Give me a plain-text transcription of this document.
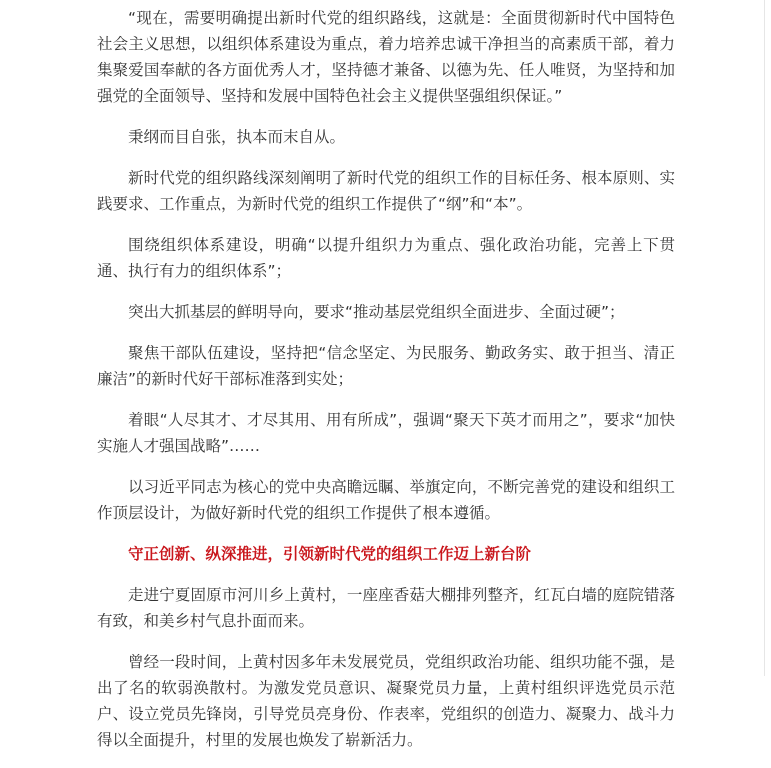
“现在，需要明确提出新时代党的组织路线，这就是：全面贯彻新时代中国特色社会主义思想，以组织体系建设为重点，着力培养忠诚干净担当的高素质干部，着力集聚爱国奉献的各方面优秀人才，坚持德才兼备、以德为先、任人唯贤，为坚持和加强党的全面领导、坚持和发展中国特色社会主义提供坚强组织保证。”

秉纲而目自张，执本而末自从。

新时代党的组织路线深刻阐明了新时代党的组织工作的目标任务、根本原则、实践要求、工作重点，为新时代党的组织工作提供了“纲”和“本”。

围绕组织体系建设，明确“以提升组织力为重点、强化政治功能，完善上下贯通、执行有力的组织体系”；

突出大抓基层的鲜明导向，要求“推动基层党组织全面进步、全面过硬”；

聚焦干部队伍建设，坚持把“信念坚定、为民服务、勤政务实、敢于担当、清正廉洁”的新时代好干部标准落到实处；

着眼“人尽其才、才尽其用、用有所成”，强调“聚天下英才而用之”，要求“加快实施人才强国战略”……

以习近平同志为核心的党中央高瞻远瞩、举旗定向，不断完善党的建设和组织工作顶层设计，为做好新时代党的组织工作提供了根本遵循。

守正创新、纵深推进，引领新时代党的组织工作迈上新台阶

走进宁夏固原市河川乡上黄村，一座座香菇大棚排列整齐，红瓦白墙的庭院错落有致，和美乡村气息扑面而来。

曾经一段时间，上黄村因多年未发展党员，党组织政治功能、组织功能不强，是出了名的软弱涣散村。为激发党员意识、凝聚党员力量，上黄村组织评选党员示范户、设立党员先锋岗，引导党员亮身份、作表率，党组织的创造力、凝聚力、战斗力得以全面提升，村里的发展也焕发了崭新活力。
